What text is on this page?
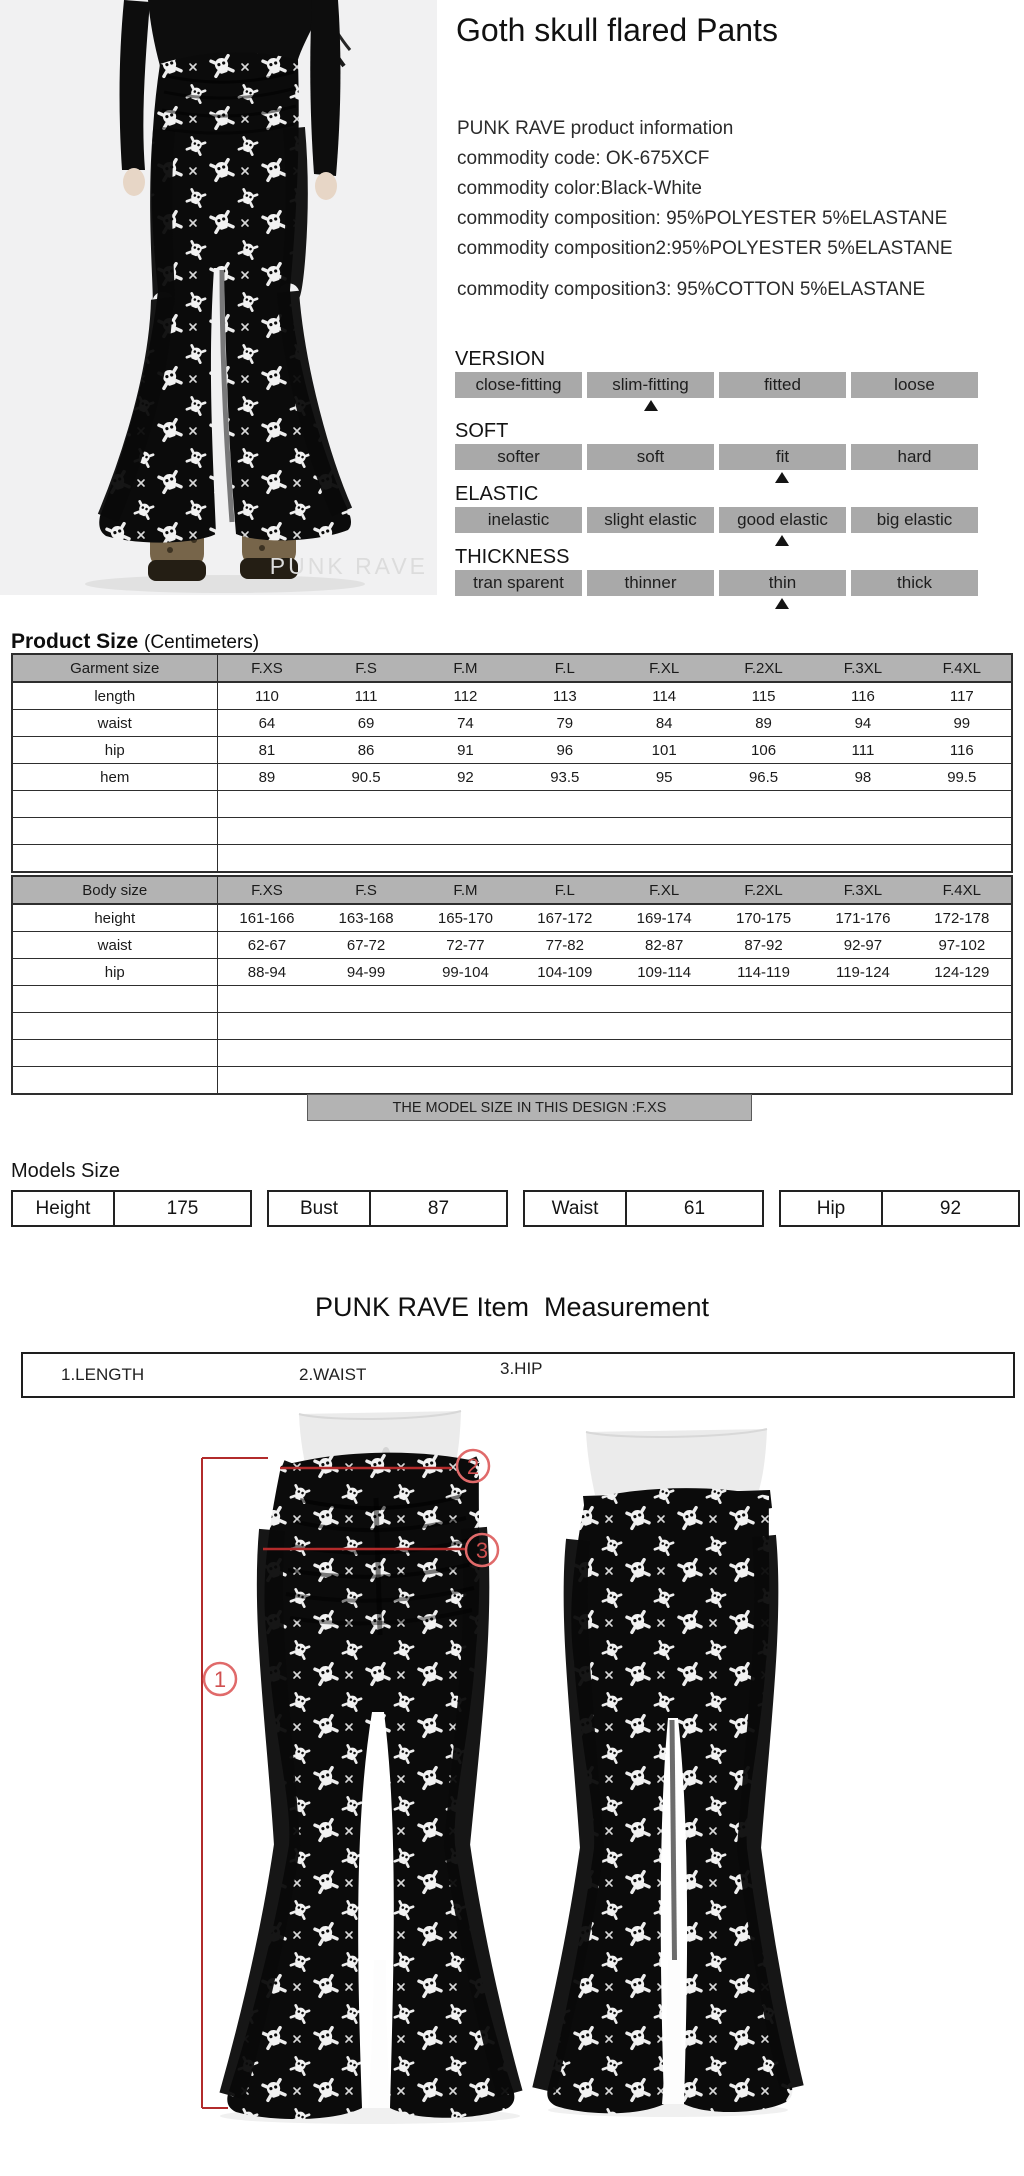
PUNK RAVE
Goth skull flared Pants
PUNK RAVE product information
commodity code: OK-675XCF
commodity color:Black-White
commodity composition: 95%POLYESTER 5%ELASTANE
commodity composition2:95%POLYESTER 5%ELASTANE
commodity composition3: 95%COTTON 5%ELASTANE
VERSION
close-fitting	slim-fitting	fitted	loose
SOFT
softer	soft	fit	hard
ELASTIC
inelastic	slight elastic	good elastic	big elastic
THICKNESS
tran sparent	thinner	thin	thick
Product Size (Centimeters)
Garment size	F.XS	F.S	F.M	F.L	F.XL	F.2XL	F.3XL	F.4XL
length	110	111	112	113	114	115	116	117
waist	64	69	74	79	84	89	94	99
hip	81	86	91	96	101	106	111	116
hem	89	90.5	92	93.5	95	96.5	98	99.5

Body size	F.XS	F.S	F.M	F.L	F.XL	F.2XL	F.3XL	F.4XL
height	161-166	163-168	165-170	167-172	169-174	170-175	171-176	172-178
waist	62-67	67-72	72-77	77-82	82-87	87-92	92-97	97-102
hip	88-94	94-99	99-104	104-109	109-114	114-119	119-124	124-129

THE MODEL SIZE IN THIS DESIGN :F.XS
Models Size
Height	175	Bust	87	Waist	61	Hip	92
PUNK RAVE Item  Measurement
1.LENGTH	2.WAIST	3.HIP
1
2
3
